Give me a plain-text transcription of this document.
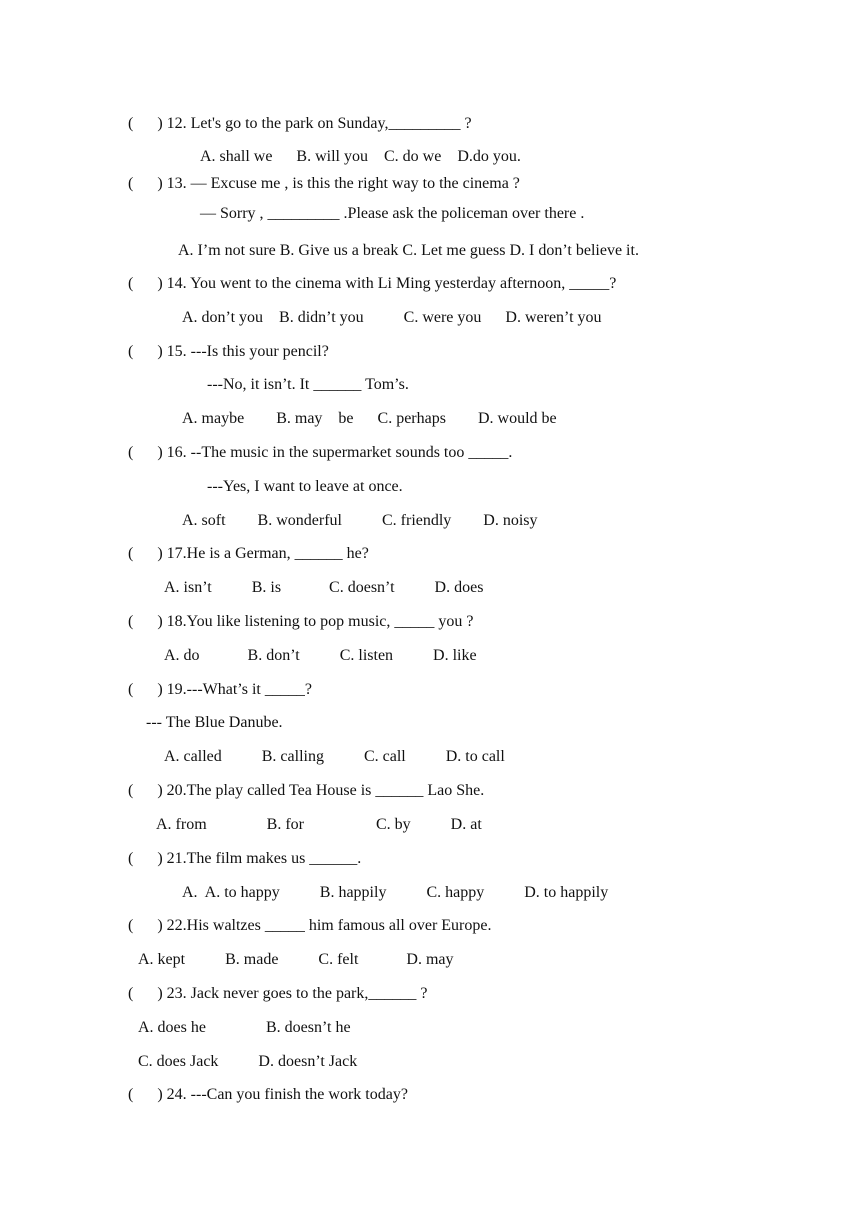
(      ) 12. Let's go to the park on Sunday,_________ ?
A. shall we      B. will you    C. do we    D.do you.
(      ) 13. — Excuse me , is this the right way to the cinema ?
— Sorry , _________ .Please ask the policeman over there .
A. I’m not sure B. Give us a break C. Let me guess D. I don’t believe it.
(      ) 14. You went to the cinema with Li Ming yesterday afternoon, _____?
A. don’t you    B. didn’t you          C. were you      D. weren’t you
(      ) 15. ---Is this your pencil?
---No, it isn’t. It ______ Tom’s.
A. maybe        B. may    be      C. perhaps        D. would be
(      ) 16. --The music in the supermarket sounds too _____.
---Yes, I want to leave at once.
A. soft        B. wonderful          C. friendly        D. noisy
(      ) 17.He is a German, ______ he?
A. isn’t          B. is            C. doesn’t          D. does
(      ) 18.You like listening to pop music, _____ you ?
A. do            B. don’t          C. listen          D. like
(      ) 19.---What’s it _____?
--- The Blue Danube.
A. called          B. calling          C. call          D. to call
(      ) 20.The play called Tea House is ______ Lao She.
A. from               B. for                  C. by          D. at
(      ) 21.The film makes us ______.
A.  A. to happy          B. happily          C. happy          D. to happily
(      ) 22.His waltzes _____ him famous all over Europe.
A. kept          B. made          C. felt            D. may
(      ) 23. Jack never goes to the park,______ ?
A. does he               B. doesn’t he
C. does Jack          D. doesn’t Jack
(      ) 24. ---Can you finish the work today?
